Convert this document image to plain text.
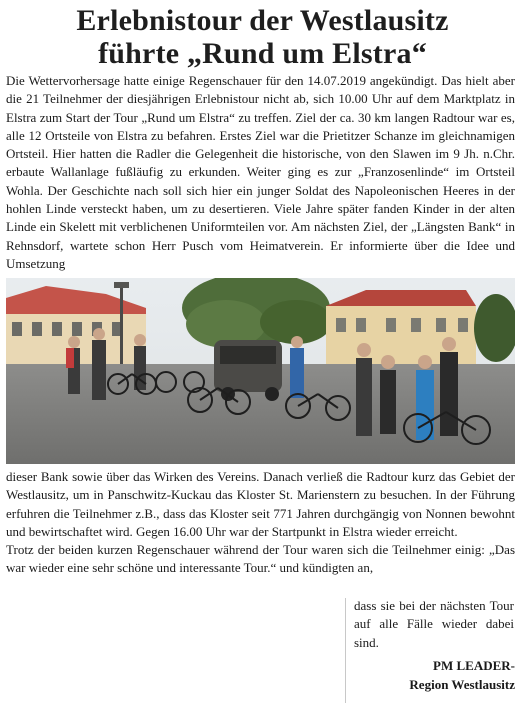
Erlebnistour der Westlausitz
führte „Rund um Elstra“

Die Wettervorhersage hatte einige Regenschauer für den 14.07.2019 angekündigt. Das hielt aber die 21 Teilnehmer der diesjährigen Erlebnistour nicht ab, sich 10.00 Uhr auf dem Marktplatz in Elstra zum Start der Tour „Rund um Elstra“ zu treffen. Ziel der ca. 30 km langen Radtour war es, alle 12 Ortsteile von Elstra zu befahren. Erstes Ziel war die Prietitzer Schanze im gleichnamigen Ortsteil. Hier hatten die Radler die Gelegenheit die historische, von den Slawen im 9 Jh. n.Chr. erbaute Wallanlage fußläufig zu erkunden. Weiter ging es zur „Franzosenlinde“ im Ortsteil Wohla. Der Geschichte nach soll sich hier ein junger Soldat des Napoleonischen Heeres in der hohlen Linde versteckt haben, um zu desertieren. Viele Jahre später fanden Kinder in der alten Linde ein Skelett mit verblichenen Uniformteilen vor. Am nächsten Ziel, der „Längsten Bank“ in Rehnsdorf, wartete schon Herr Pusch vom Heimatverein. Er informierte über die Idee und Umsetzung

dieser Bank sowie über das Wirken des Vereins. Danach verließ die Radtour kurz das Gebiet der Westlausitz, um in Panschwitz-Kuckau das Kloster St. Marienstern zu besuchen. In der Führung erfuhren die Teilnehmer z.B., dass das Kloster seit 771 Jahren durchgängig von Nonnen bewohnt und bewirtschaftet wird. Gegen 16.00 Uhr war der Startpunkt in Elstra wieder erreicht.

Trotz der beiden kurzen Regenschauer während der Tour waren sich die Teilnehmer einig: „Das war wieder eine sehr schöne und interessante Tour.“ und kündigten an,

dass sie bei der nächsten Tour auf alle Fälle wieder dabei sind.
PM LEADER-
Region Westlausitz
